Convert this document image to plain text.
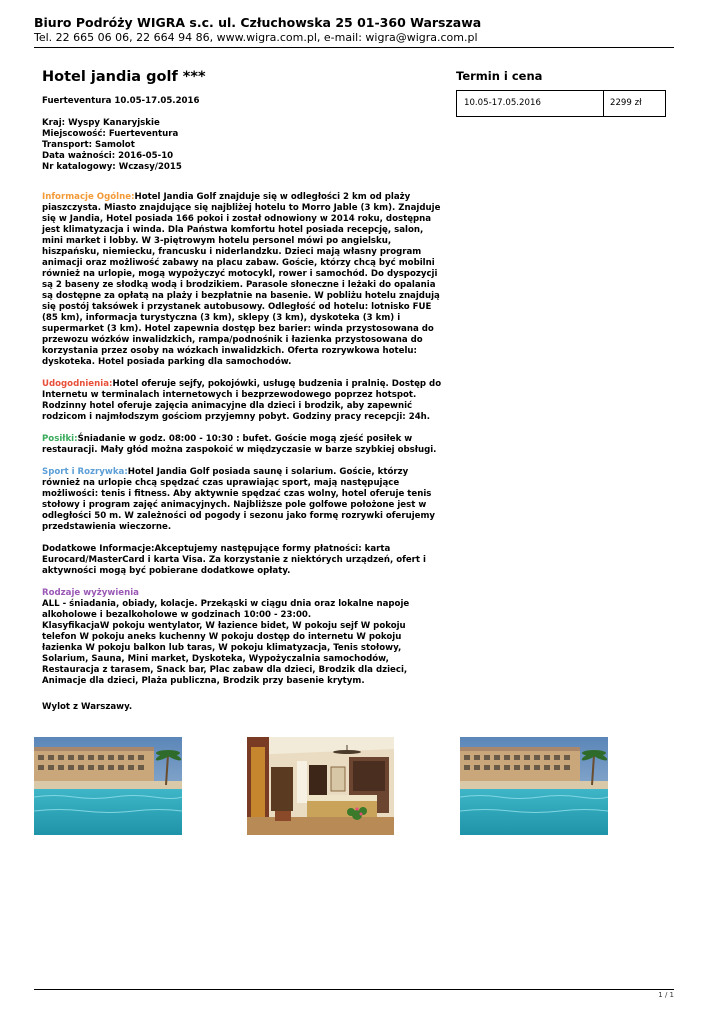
Biuro Podróży WIGRA s.c. ul. Człuchowska 25 01-360 Warszawa
Tel. 22 665 06 06, 22 664 94 86, www.wigra.com.pl, e-mail: wigra@wigra.com.pl
Hotel jandia golf ***
Fuerteventura 10.05-17.05.2016
Kraj: Wyspy Kanaryjskie
Miejscowość: Fuerteventura
Transport: Samolot
Data ważności: 2016-05-10
Nr katalogowy: Wczasy/2015
Informacje Ogólne:Hotel Jandia Golf znajduje się w odległości 2 km od plaży piaszczysta. Miasto znajdujące się najbliżej hotelu to Morro Jable (3 km). Znajduje się w Jandia, Hotel posiada 166 pokoi i został odnowiony w 2014 roku, dostępna jest klimatyzacja i winda. Dla Państwa komfortu hotel posiada recepcję, salon, mini market i lobby. W 3-piętrowym hotelu personel mówi po angielsku, hiszpańsku, niemiecku, francusku i niderlandzku. Dzieci mają własny program animacji oraz możliwość zabawy na placu zabaw. Goście, którzy chcą być mobilni również na urlopie, mogą wypożyczyć motocykl, rower i samochód. Do dyspozycji są 2 baseny ze słodką wodą i brodzikiem. Parasole słoneczne i leżaki do opalania są dostępne za opłatą na plaży i bezpłatnie na basenie. W pobliżu hotelu znajdują się postój taksówek i przystanek autobusowy. Odległość od hotelu: lotnisko FUE (85 km), informacja turystyczna (3 km), sklepy (3 km), dyskoteka (3 km) i supermarket (3 km). Hotel zapewnia dostęp bez barier: winda przystosowana do przewozu wózków inwalidzkich, rampa/podnośnik i łazienka przystosowana do korzystania przez osoby na wózkach inwalidzkich. Oferta rozrywkowa hotelu: dyskoteka. Hotel posiada parking dla samochodów.
Udogodnienia:Hotel oferuje sejfy, pokojówki, usługę budzenia i pralnię. Dostęp do Internetu w terminalach internetowych i bezprzewodowego poprzez hotspot. Rodzinny hotel oferuje zajęcia animacyjne dla dzieci i brodzik, aby zapewnić rodzicom i najmłodszym gościom przyjemny pobyt. Godziny pracy recepcji: 24h.
Posiłki:Śniadanie w godz. 08:00 - 10:30 : bufet. Goście mogą zjeść posiłek w restauracji. Mały głód można zaspokoić w międzyczasie w barze szybkiej obsługi.
Sport i Rozrywka:Hotel Jandia Golf posiada saunę i solarium. Goście, którzy również na urlopie chcą spędzać czas uprawiając sport, mają następujące możliwości: tenis i fitness. Aby aktywnie spędzać czas wolny, hotel oferuje tenis stołowy i program zajęć animacyjnych. Najbliższe pole golfowe położone jest w odległości 50 m. W zależności od pogody i sezonu jako formę rozrywki oferujemy przedstawienia wieczorne.
Dodatkowe Informacje:Akceptujemy następujące formy płatności: karta Eurocard/MasterCard i karta Visa. Za korzystanie z niektórych urządzeń, ofert i aktywności mogą być pobierane dodatkowe opłaty.
Rodzaje wyżywienia
ALL - śniadania, obiady, kolacje. Przekąski w ciągu dnia oraz lokalne napoje alkoholowe i bezalkoholowe w godzinach 10:00 - 23:00.
KlasyfikacjaW pokoju wentylator, W łazience bidet, W pokoju sejf W pokoju telefon W pokoju aneks kuchenny W pokoju dostęp do internetu W pokoju łazienka W pokoju balkon lub taras, W pokoju klimatyzacja, Tenis stołowy, Solarium, Sauna, Mini market, Dyskoteka, Wypożyczalnia samochodów, Restauracja z tarasem, Snack bar, Plac zabaw dla dzieci, Brodzik dla dzieci, Animacje dla dzieci, Plaża publiczna, Brodzik przy basenie krytym.
Wylot z Warszawy.
Termin i cena
10.05-17.05.2016	2299 zł
1 / 1
